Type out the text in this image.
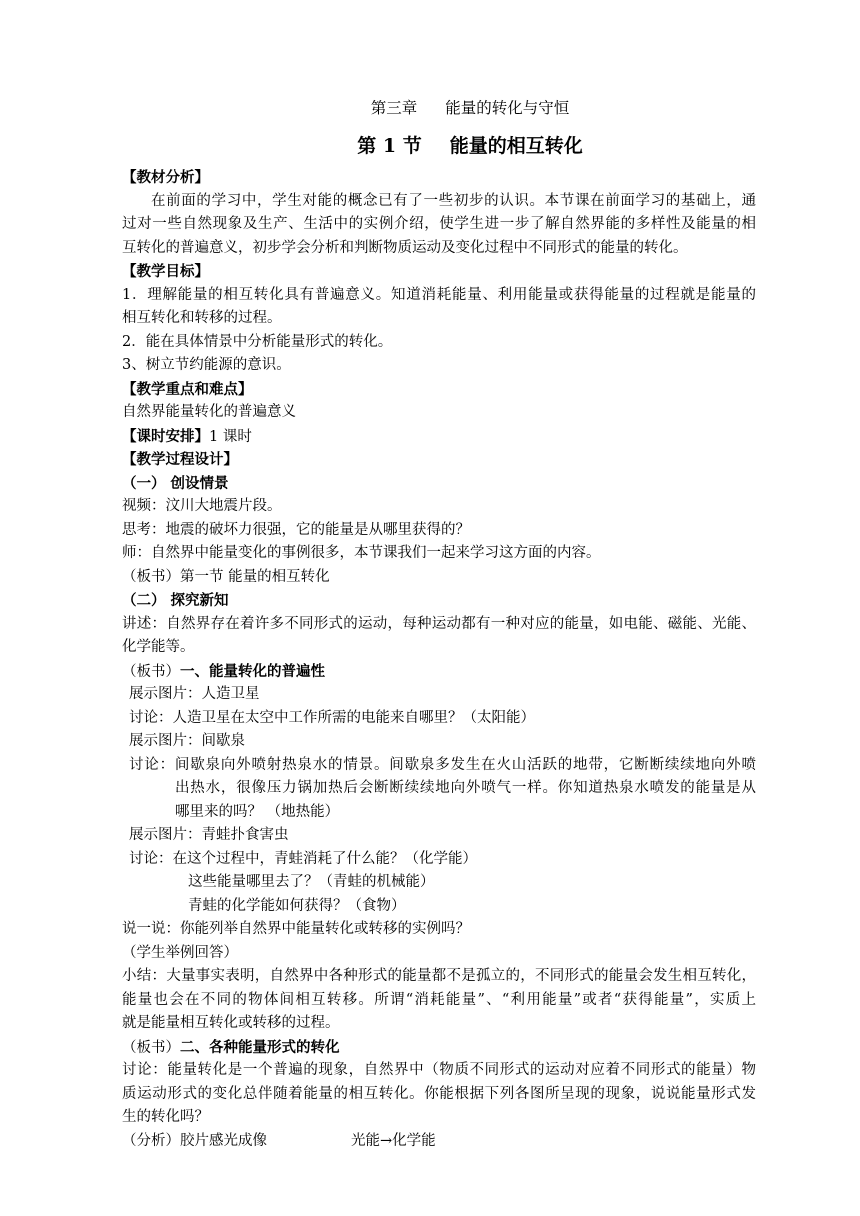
第三章 能量的转化与守恒
第 1 节 能量的相互转化
【教材分析】
在前面的学习中，学生对能的概念已有了一些初步的认识。本节课在前面学习的基础上，通
过对一些自然现象及生产、生活中的实例介绍，使学生进一步了解自然界能的多样性及能量的相
互转化的普遍意义，初步学会分析和判断物质运动及变化过程中不同形式的能量的转化。
【教学目标】
1．理解能量的相互转化具有普遍意义。知道消耗能量、利用能量或获得能量的过程就是能量的
相互转化和转移的过程。
2．能在具体情景中分析能量形式的转化。
3、树立节约能源的意识。
【教学重点和难点】
自然界能量转化的普遍意义
【课时安排】1 课时
【教学过程设计】
（一） 创设情景
视频：汶川大地震片段。
思考：地震的破坏力很强，它的能量是从哪里获得的？
师：自然界中能量变化的事例很多，本节课我们一起来学习这方面的内容。
（板书）第一节 能量的相互转化
（二） 探究新知
讲述：自然界存在着许多不同形式的运动，每种运动都有一种对应的能量，如电能、磁能、光能、
化学能等。
（板书）一、能量转化的普遍性
展示图片：人造卫星
讨论：人造卫星在太空中工作所需的电能来自哪里？（太阳能）
展示图片：间歇泉
讨论：间歇泉向外喷射热泉水的情景。间歇泉多发生在火山活跃的地带，它断断续续地向外喷
出热水，很像压力锅加热后会断断续续地向外喷气一样。你知道热泉水喷发的能量是从
哪里来的吗？ （地热能）
展示图片：青蛙扑食害虫
讨论：在这个过程中，青蛙消耗了什么能？（化学能）
这些能量哪里去了？（青蛙的机械能）
青蛙的化学能如何获得？（食物）
说一说：你能列举自然界中能量转化或转移的实例吗？
（学生举例回答）
小结：大量事实表明，自然界中各种形式的能量都不是孤立的，不同形式的能量会发生相互转化，
能量也会在不同的物体间相互转移。所谓“消耗能量”、“利用能量”或者“获得能量”，实质上
就是能量相互转化或转移的过程。
（板书）二、各种能量形式的转化
讨论：能量转化是一个普遍的现象，自然界中（物质不同形式的运动对应着不同形式的能量）物
质运动形式的变化总伴随着能量的相互转化。你能根据下列各图所呈现的现象，说说能量形式发
生的转化吗？
（分析）胶片感光成像	光能→化学能
